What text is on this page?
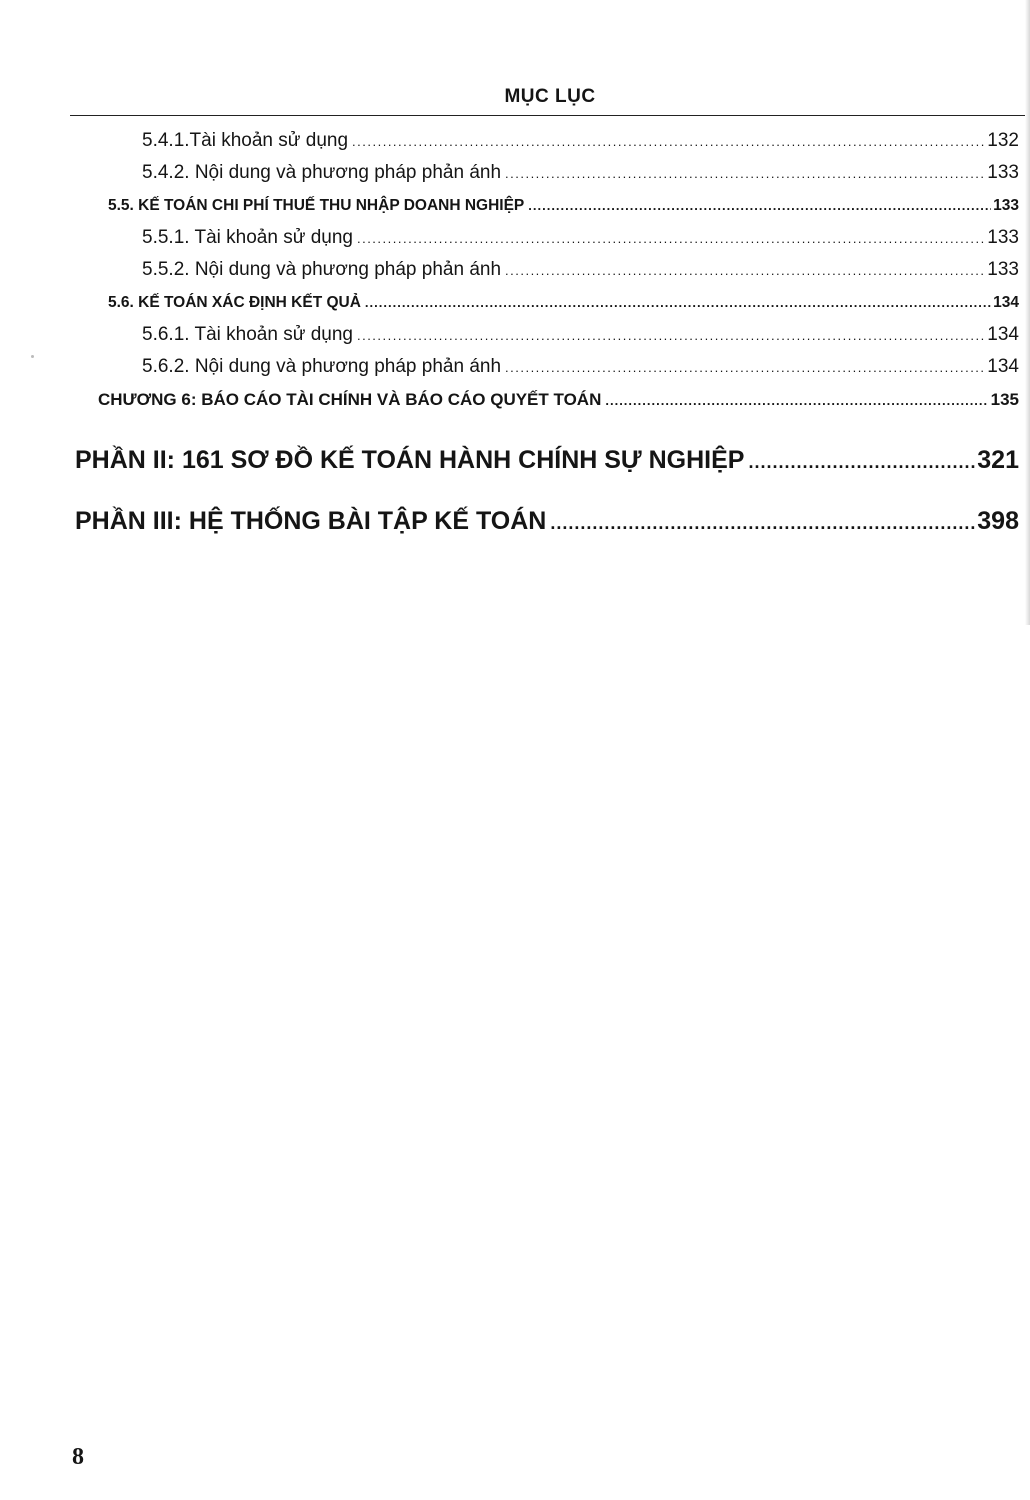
MỤC LỤC
5.4.1.Tài khoản sử dụng .....	132
5.4.2. Nội dung và phương pháp phản ánh .....	133
5.5. KẾ TOÁN CHI PHÍ THUẾ THU NHẬP DOANH NGHIỆP .....	133
5.5.1. Tài khoản sử dụng .....	133
5.5.2. Nội dung và phương pháp phản ánh .....	133
5.6. KẾ TOÁN XÁC ĐỊNH KẾT QUẢ .....	134
5.6.1. Tài khoản sử dụng .....	134
5.6.2. Nội dung và phương pháp phản ánh .....	134
CHƯƠNG 6: BÁO CÁO TÀI CHÍNH VÀ BÁO CÁO QUYẾT TOÁN .....	135
PHẦN II: 161 SƠ ĐỒ KẾ TOÁN HÀNH CHÍNH SỰ NGHIỆP .....	321
PHẦN III: HỆ THỐNG BÀI TẬP KẾ TOÁN .....	398
8
